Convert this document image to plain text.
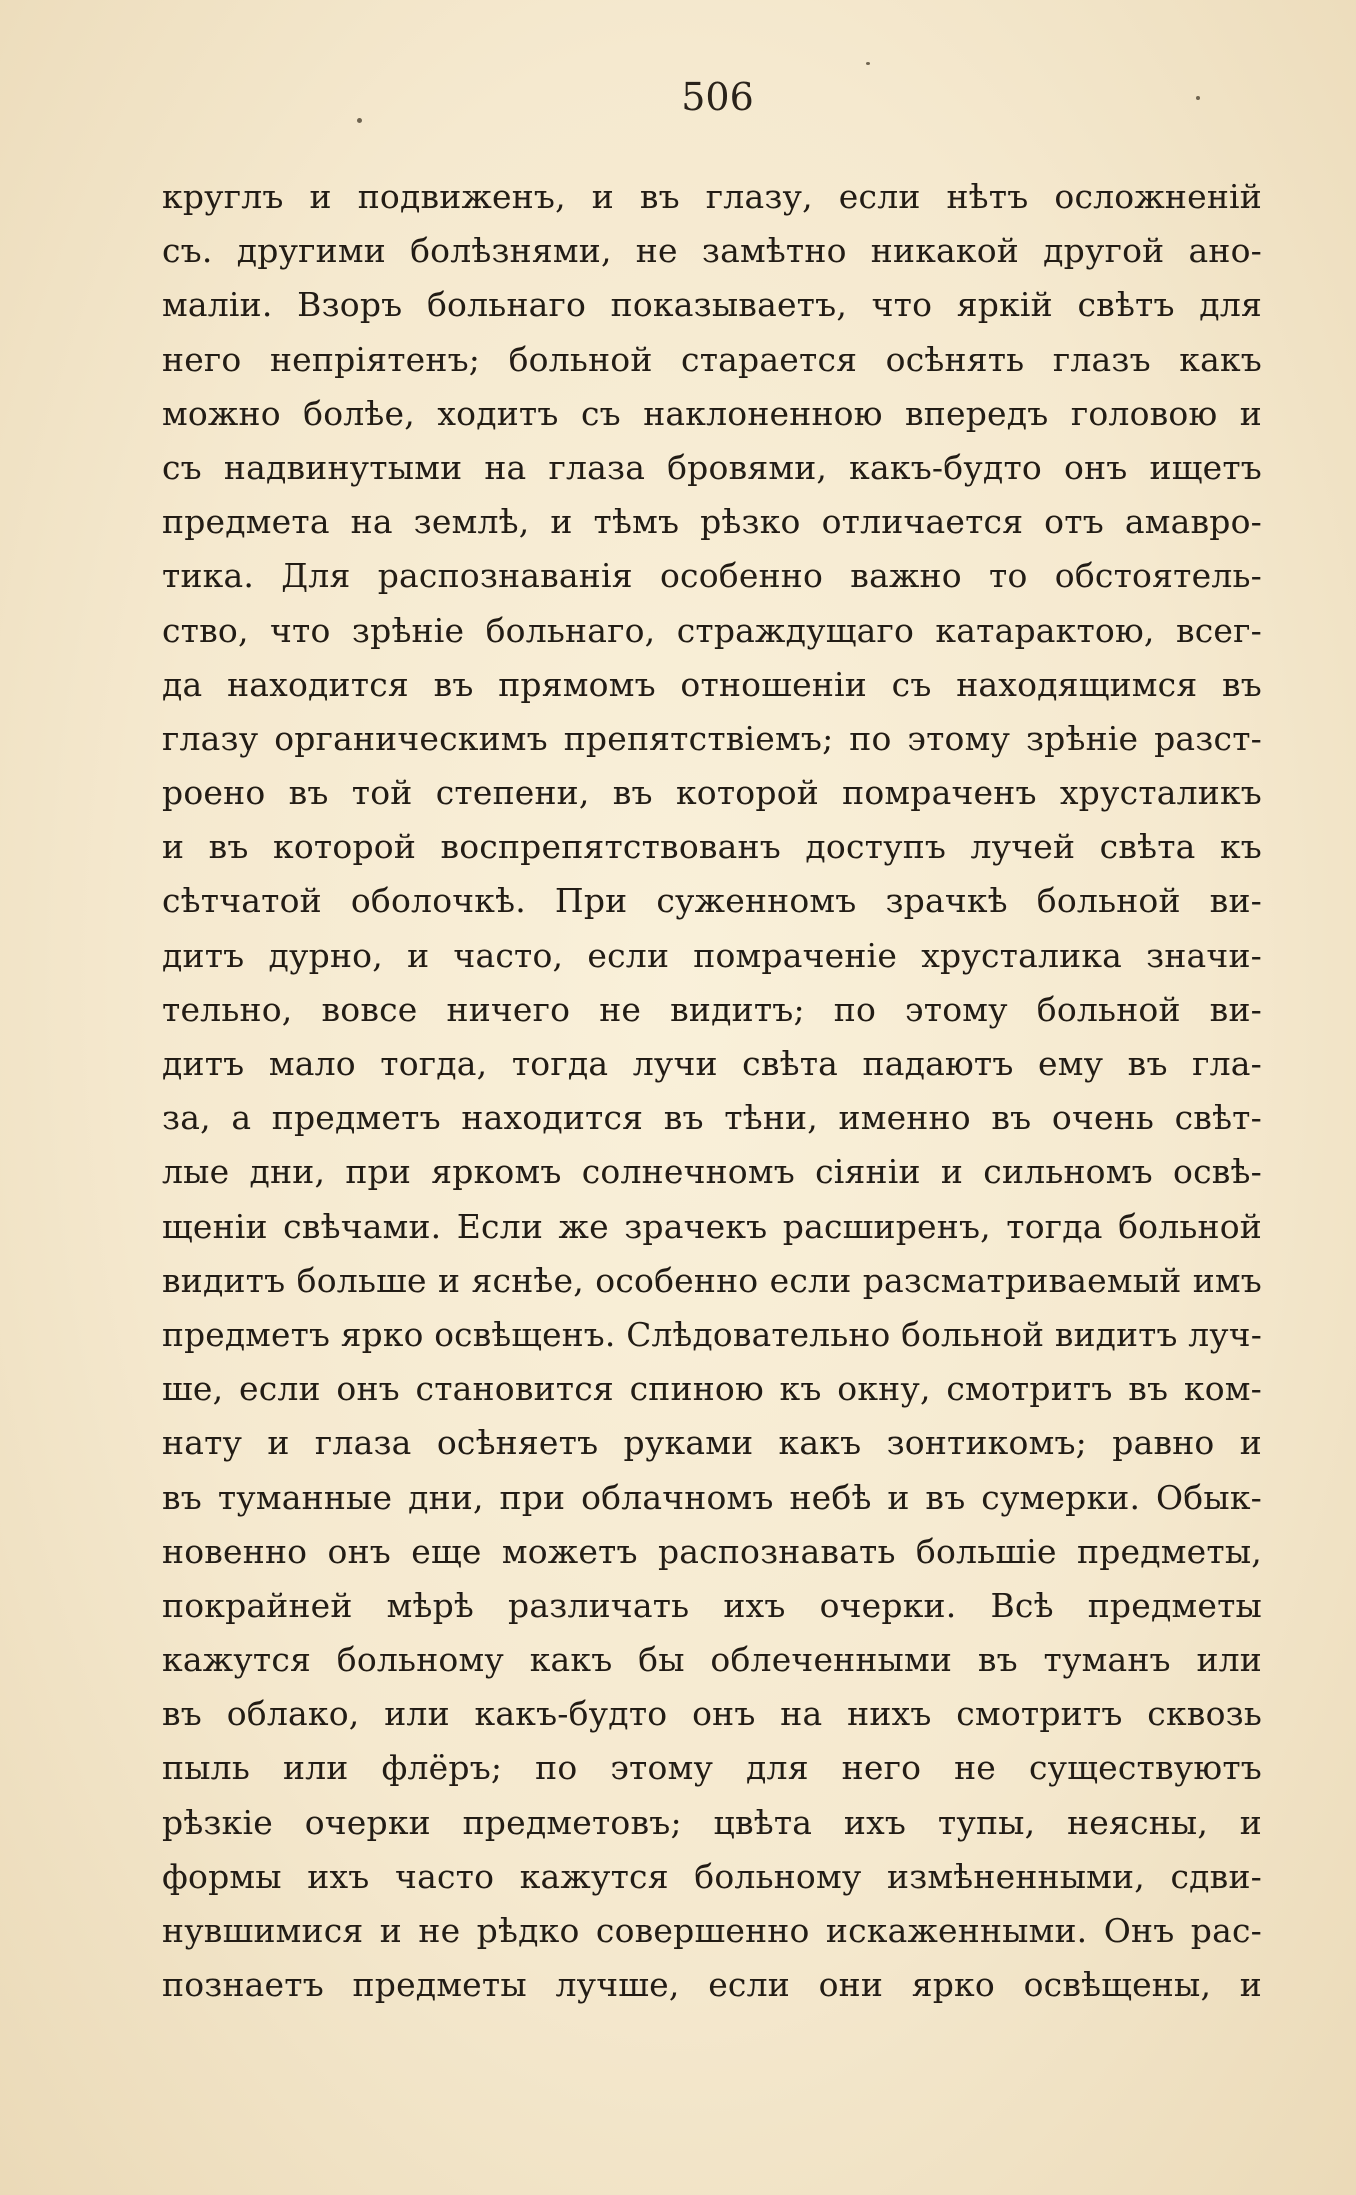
506
круглъ и подвиженъ, и въ глазу, если нѣтъ осложненій
съ. другими болѣзнями, не замѣтно никакой другой ано-
маліи. Взоръ больнаго показываетъ, что яркій свѣтъ для
него непріятенъ; больной старается осѣнять глазъ какъ
можно болѣе, ходитъ съ наклоненною впередъ головою и
съ надвинутыми на глаза бровями, какъ-будто онъ ищетъ
предмета на землѣ, и тѣмъ рѣзко отличается отъ амавро-
тика. Для распознаванія особенно важно то обстоятель-
ство, что зрѣніе больнаго, страждущаго катарактою, всег-
да находится въ прямомъ отношеніи съ находящимся въ
глазу органическимъ препятствіемъ; по этому зрѣніе разст-
роено въ той степени, въ которой помраченъ хрусталикъ
и въ которой воспрепятствованъ доступъ лучей свѣта къ
сѣтчатой оболочкѣ. При суженномъ зрачкѣ больной ви-
дитъ дурно, и часто, если помраченіе хрусталика значи-
тельно, вовсе ничего не видитъ; по этому больной ви-
дитъ мало тогда, тогда лучи свѣта падаютъ ему въ гла-
за, а предметъ находится въ тѣни, именно въ очень свѣт-
лые дни, при яркомъ солнечномъ сіяніи и сильномъ освѣ-
щеніи свѣчами. Если же зрачекъ расширенъ, тогда больной
видитъ больше и яснѣе, особенно если разсматриваемый имъ
предметъ ярко освѣщенъ. Слѣдовательно больной видитъ луч-
ше, если онъ становится спиною къ окну, смотритъ въ ком-
нату и глаза осѣняетъ руками какъ зонтикомъ; равно и
въ туманные дни, при облачномъ небѣ и въ сумерки. Обык-
новенно онъ еще можетъ распознавать большіе предметы,
покрайней мѣрѣ различать ихъ очерки. Всѣ предметы
кажутся больному какъ бы облеченными въ туманъ или
въ облако, или какъ-будто онъ на нихъ смотритъ сквозь
пыль или флёръ; по этому для него не существуютъ
рѣзкіе очерки предметовъ; цвѣта ихъ тупы, неясны, и
формы ихъ часто кажутся больному измѣненными, сдви-
нувшимися и не рѣдко совершенно искаженными. Онъ рас-
познаетъ предметы лучше, если они ярко освѣщены, и
